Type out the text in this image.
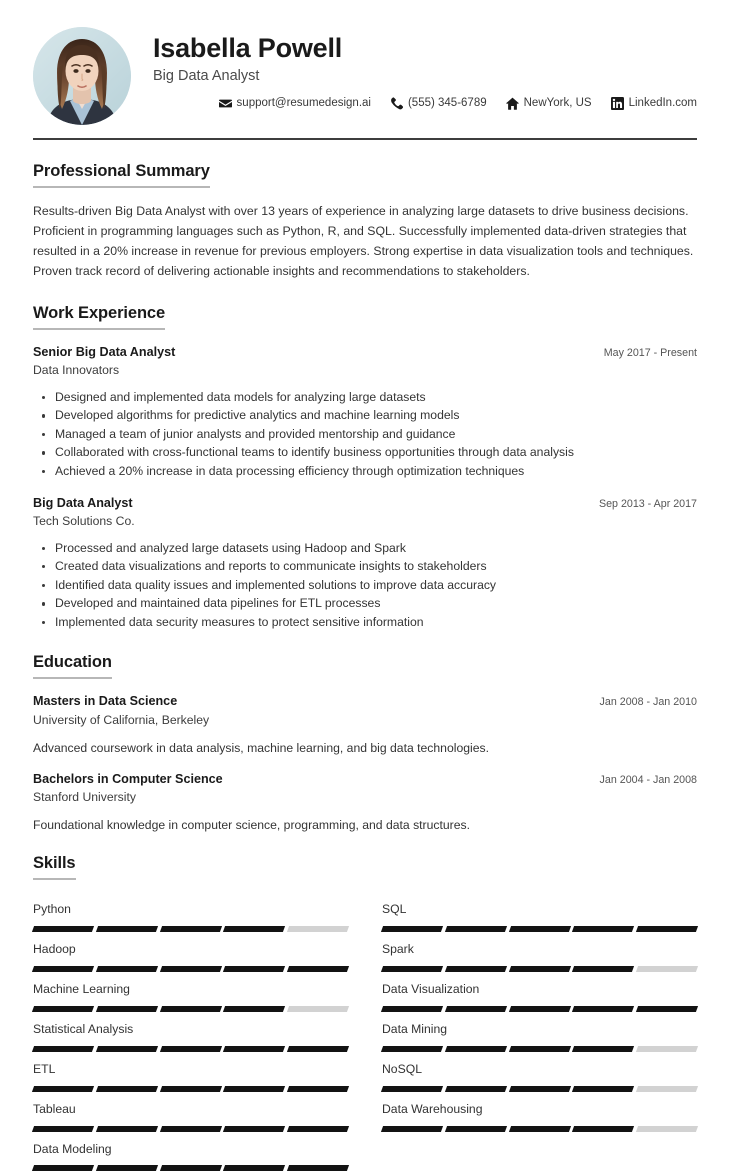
Isabella Powell
Big Data Analyst
support@resumedesign.ai	(555) 345-6789	NewYork, US	LinkedIn.com
Professional Summary
Results-driven Big Data Analyst with over 13 years of experience in analyzing large datasets to drive business decisions. Proficient in programming languages such as Python, R, and SQL. Successfully implemented data-driven strategies that resulted in a 20% increase in revenue for previous employers. Strong expertise in data visualization tools and techniques. Proven track record of delivering actionable insights and recommendations to stakeholders.
Work Experience
Senior Big Data Analyst	May 2017 - Present
Data Innovators
Designed and implemented data models for analyzing large datasets
Developed algorithms for predictive analytics and machine learning models
Managed a team of junior analysts and provided mentorship and guidance
Collaborated with cross-functional teams to identify business opportunities through data analysis
Achieved a 20% increase in data processing efficiency through optimization techniques
Big Data Analyst	Sep 2013 - Apr 2017
Tech Solutions Co.
Processed and analyzed large datasets using Hadoop and Spark
Created data visualizations and reports to communicate insights to stakeholders
Identified data quality issues and implemented solutions to improve data accuracy
Developed and maintained data pipelines for ETL processes
Implemented data security measures to protect sensitive information
Education
Masters in Data Science	Jan 2008 - Jan 2010
University of California, Berkeley
Advanced coursework in data analysis, machine learning, and big data technologies.
Bachelors in Computer Science	Jan 2004 - Jan 2008
Stanford University
Foundational knowledge in computer science, programming, and data structures.
Skills
Python	SQL
Hadoop	Spark
Machine Learning	Data Visualization
Statistical Analysis	Data Mining
ETL	NoSQL
Tableau	Data Warehousing
Data Modeling
